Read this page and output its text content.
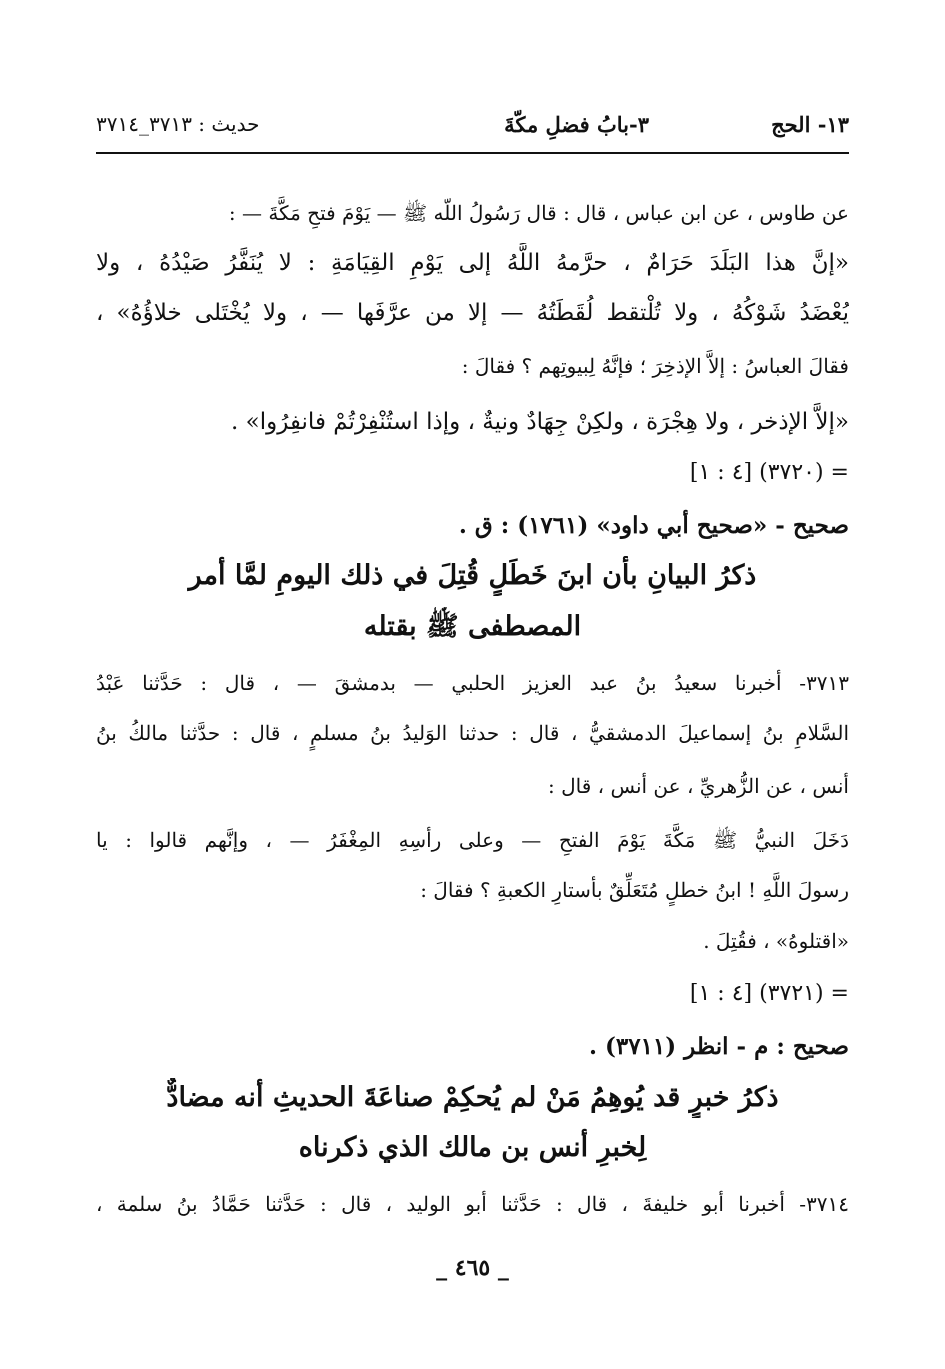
١٣- الحج
٣-بابُ فضلِ مكّةَ
حديث : ٣٧١٣_٣٧١٤
عن طاوس ، عن ابن عباس ، قال : قال رَسُولُ اللّه ﷺ — يَوْمَ فتحِ مَكَّةَ — :
«إنَّ هذا البَلَدَ حَرَامٌ ، حرَّمهُ اللَّهُ إلى يَوْمِ القِيَامَةِ : لا يُنَفَّرُ صَيْدُهُ ، ولا
يُعْضَدُ شَوْكُهُ ، ولا تُلْتقط لُقَطَتُهُ — إلا من عرَّفَها — ، ولا يُخْتَلى خلاؤُهُ» ،
فقالَ العباسُ : إلاَّ الإذخِرَ ؛ فإنَّهُ لِبيوتِهم ؟ فقالَ :
«إلاَّ الإذخر ، ولا هِجْرَة ، ولكِنْ جِهَادٌ ونيةٌ ، وإذا استُنْفِرْتُمْ فانفِرُوا» .
= (٣٧٢٠) [٤ : ١]
صحيح - «صحيح أبي داود» (١٧٦١) : ق .
ذكرُ البيانِ بأن ابنَ خَطَلٍ قُتِلَ في ذلك اليومِ لمَّا أمر
المصطفى ﷺ بقتله
٣٧١٣- أخبرنا سعيدُ بنُ عبد العزيز الحلبي — بدمشقَ — ، قال : حَدَّثنا عَبْدُ
السَّلامِ بنُ إسماعيلَ الدمشقيُّ ، قال : حدثنا الوَليدُ بنُ مسلمٍ ، قال : حدَّثنا مالكُ بنُ
أنس ، عن الزُّهريِّ ، عن أنس ، قال :
دَخَلَ النبيُّ ﷺ مَكَّةَ يَوْمَ الفتحِ — وعلى رأسِهِ المِغْفَرُ — ، وإنَّهم قالوا : يا
رسولَ اللَّهِ ! ابنُ خطلٍ مُتَعَلِّقٌ بأستارِ الكعبةِ ؟ فقالَ :
«اقتلوهُ» ، فقُتِلَ .
= (٣٧٢١) [٤ : ١]
صحيح : م - انظر (٣٧١١) .
ذكرُ خبرٍ قد يُوهِمُ مَنْ لم يُحكِمْ صناعَةَ الحديثِ أنه مضادٌّ
لِخبرِ أنس بن مالك الذي ذكرناه
٣٧١٤- أخبرنا أبو خليفةَ ، قال : حَدَّثنا أبو الوليد ، قال : حَدَّثنا حَمَّادُ بنُ سلمة ،
_ ٤٦٥ _
